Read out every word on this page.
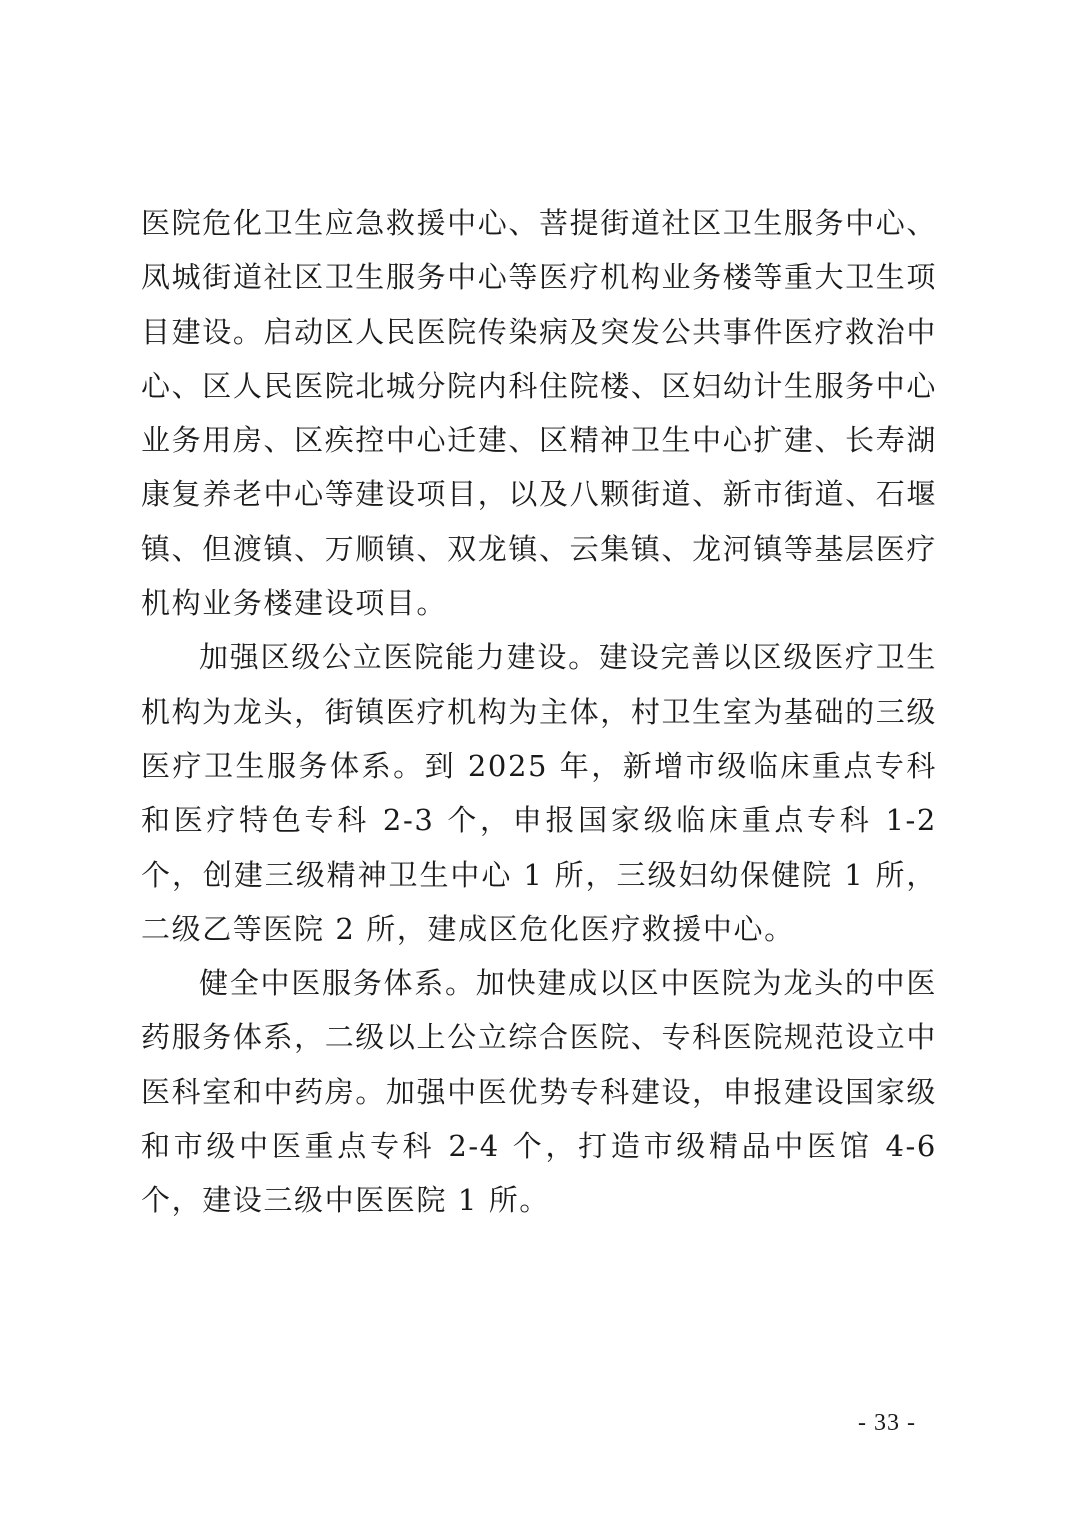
医院危化卫生应急救援中心、菩提街道社区卫生服务中心、凤城街道社区卫生服务中心等医疗机构业务楼等重大卫生项目建设。启动区人民医院传染病及突发公共事件医疗救治中心、区人民医院北城分院内科住院楼、区妇幼计生服务中心业务用房、区疾控中心迁建、区精神卫生中心扩建、长寿湖康复养老中心等建设项目，以及八颗街道、新市街道、石堰镇、但渡镇、万顺镇、双龙镇、云集镇、龙河镇等基层医疗机构业务楼建设项目。

加强区级公立医院能力建设。建设完善以区级医疗卫生机构为龙头，街镇医疗机构为主体，村卫生室为基础的三级医疗卫生服务体系。到 2025 年，新增市级临床重点专科和医疗特色专科 2-3 个，申报国家级临床重点专科 1-2 个，创建三级精神卫生中心 1 所，三级妇幼保健院 1 所，二级乙等医院 2 所，建成区危化医疗救援中心。

健全中医服务体系。加快建成以区中医院为龙头的中医药服务体系，二级以上公立综合医院、专科医院规范设立中医科室和中药房。加强中医优势专科建设，申报建设国家级和市级中医重点专科 2-4 个，打造市级精品中医馆 4-6 个，建设三级中医医院 1 所。

- 33 -
